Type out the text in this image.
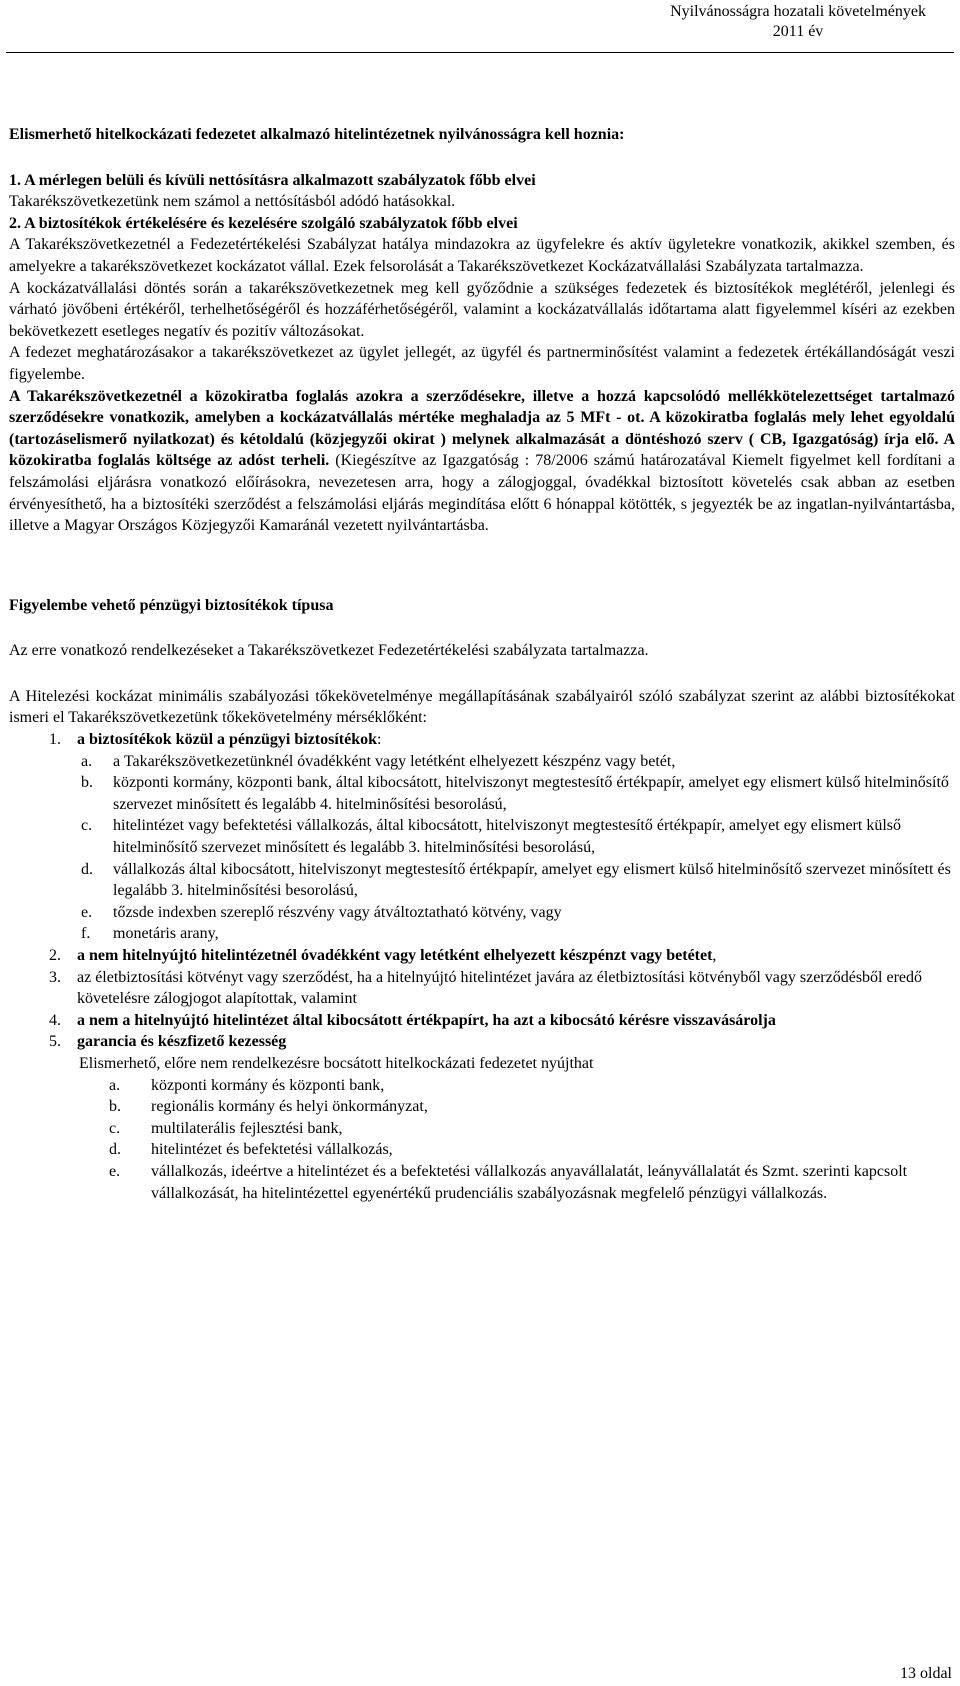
Nyilvánosságra hozatali követelmények
2011 év

Elismerhető hitelkockázati fedezetet alkalmazó hitelintézetnek nyilvánosságra kell hoznia:

1. A mérlegen belüli és kívüli nettósításra alkalmazott szabályzatok főbb elvei

Takarékszövetkezetünk nem számol a nettósításból adódó hatásokkal.

2. A biztosítékok értékelésére és kezelésére szolgáló szabályzatok főbb elvei

A Takarékszövetkezetnél a Fedezetértékelési Szabályzat hatálya mindazokra az ügyfelekre és aktív ügyletekre vonatkozik, akikkel szemben, és amelyekre a takarékszövetkezet kockázatot vállal. Ezek felsorolását a Takarékszövetkezet Kockázatvállalási Szabályzata tartalmazza.

A kockázatvállalási döntés során a takarékszövetkezetnek meg kell győződnie a szükséges fedezetek és biztosítékok meglétéről, jelenlegi és várható jövőbeni értékéről, terhelhetőségéről és hozzáférhetőségéről, valamint a kockázatvállalás időtartama alatt figyelemmel kíséri az ezekben bekövetkezett esetleges negatív és pozitív változásokat.

A fedezet meghatározásakor a takarékszövetkezet az ügylet jellegét, az ügyfél és partnerminősítést valamint a fedezetek értékállandóságát veszi figyelembe.

A Takarékszövetkezetnél a közokiratba foglalás azokra a szerződésekre, illetve a hozzá kapcsolódó mellékkötelezettséget tartalmazó szerződésekre vonatkozik, amelyben a kockázatvállalás mértéke meghaladja az 5 MFt - ot. A közokiratba foglalás mely lehet egyoldalú (tartozáselismerő nyilatkozat) és kétoldalú (közjegyzői okirat ) melynek alkalmazását a döntéshozó szerv ( CB, Igazgatóság) írja elő. A közokiratba foglalás költsége az adóst terheli. (Kiegészítve az Igazgatóság : 78/2006 számú határozatával Kiemelt figyelmet kell fordítani a felszámolási eljárásra vonatkozó előírásokra, nevezetesen arra, hogy a zálogjoggal, óvadékkal biztosított követelés csak abban az esetben érvényesíthető, ha a biztosítéki szerződést a felszámolási eljárás megindítása előtt 6 hónappal kötötték, s jegyezték be az ingatlan-nyilvántartásba, illetve a Magyar Országos Közjegyzői Kamaránál vezetett nyilvántartásba.

Figyelembe vehető pénzügyi biztosítékok típusa

Az erre vonatkozó rendelkezéseket a Takarékszövetkezet Fedezetértékelési szabályzata tartalmazza.

A Hitelezési kockázat minimális szabályozási tőkekövetelménye megállapításának szabályairól szóló szabályzat szerint az alábbi biztosítékokat ismeri el Takarékszövetkezetünk tőkekövetelmény mérséklőként:

1. a biztosítékok közül a pénzügyi biztosítékok:
a. a Takarékszövetkezetünknél óvadékként vagy letétként elhelyezett készpénz vagy betét,
b. központi kormány, központi bank, által kibocsátott, hitelviszonyt megtestesítő értékpapír, amelyet egy elismert külső hitelminősítő szervezet minősített és legalább 4. hitelminősítési besorolású,
c. hitelintézet vagy befektetési vállalkozás, által kibocsátott, hitelviszonyt megtestesítő értékpapír, amelyet egy elismert külső hitelminősítő szervezet minősített és legalább 3. hitelminősítési besorolású,
d. vállalkozás által kibocsátott, hitelviszonyt megtestesítő értékpapír, amelyet egy elismert külső hitelminősítő szervezet minősített és legalább 3. hitelminősítési besorolású,
e. tőzsde indexben szereplő részvény vagy átváltoztatható kötvény, vagy
f. monetáris arany,
2. a nem hitelnyújtó hitelintézetnél óvadékként vagy letétként elhelyezett készpénzt vagy betétet,
3. az életbiztosítási kötvényt vagy szerződést, ha a hitelnyújtó hitelintézet javára az életbiztosítási kötvényből vagy szerződésből eredő követelésre zálogjogot alapítottak, valamint
4. a nem a hitelnyújtó hitelintézet által kibocsátott értékpapírt, ha azt a kibocsátó kérésre visszavásárolja
5. garancia és készfizető kezesség

Elismerhető, előre nem rendelkezésre bocsátott hitelkockázati fedezetet nyújthat

a. központi kormány és központi bank,
b. regionális kormány és helyi önkormányzat,
c. multilaterális fejlesztési bank,
d. hitelintézet és befektetési vállalkozás,
e. vállalkozás, ideértve a hitelintézet és a befektetési vállalkozás anyavállalatát, leányvállalatát és Szmt. szerinti kapcsolt vállalkozását, ha hitelintézettel egyenértékű prudenciális szabályozásnak megfelelő pénzügyi vállalkozás.
13 oldal
